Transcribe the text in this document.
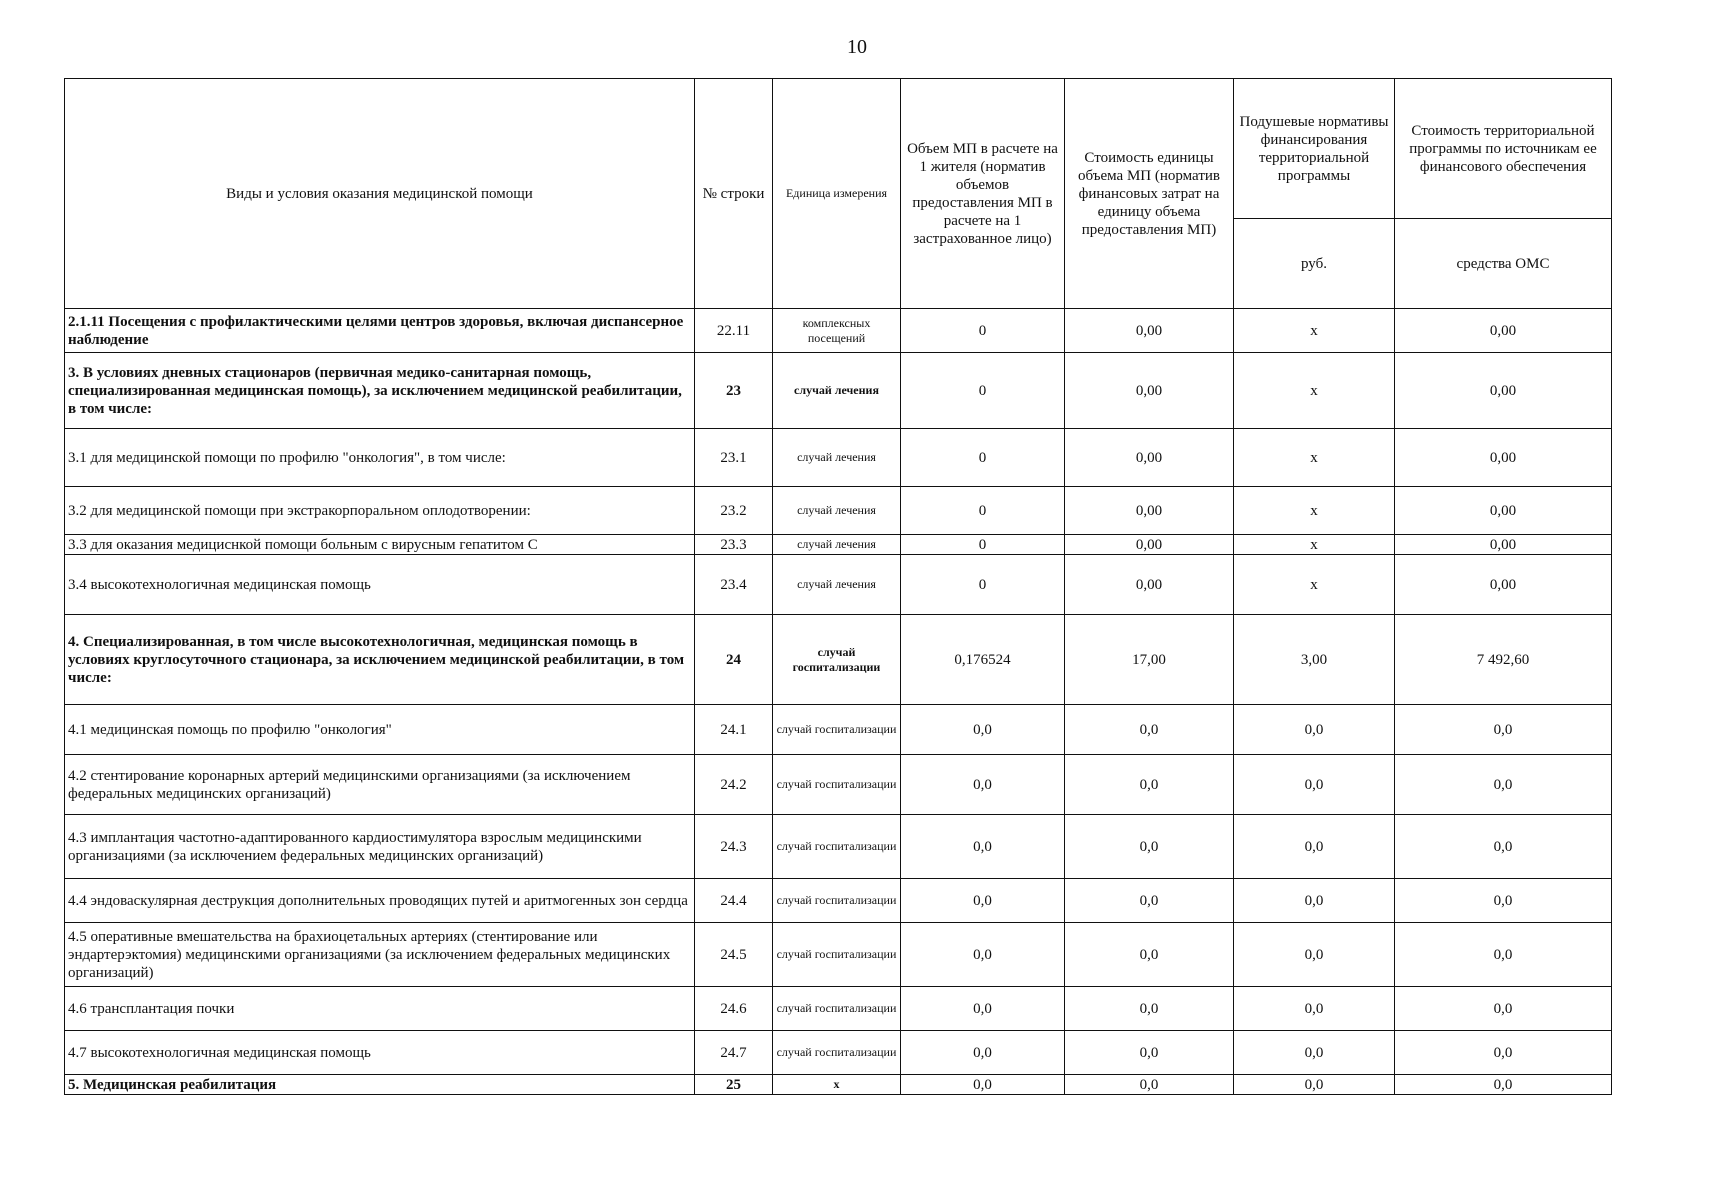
10
Виды и условия оказания медицинской помощи	№ строки	Единица измерения	Объем МП в расчете на 1 жителя (норматив объемов предоставления МП в расчете на 1 застрахованное лицо)	Стоимость единицы объема МП (норматив финансовых затрат на единицу объема предоставления МП)	Подушевые нормативы финансирования территориальной программы	Стоимость территориальной программы по источникам ее финансового обеспечения
					руб.	средства ОМС
2.1.11 Посещения с профилактическими целями центров здоровья, включая диспансерное наблюдение	22.11	комплексных посещений	0	0,00	x	0,00
3. В условиях дневных стационаров (первичная медико-санитарная помощь, специализированная медицинская помощь), за исключением медицинской реабилитации, в том числе:	23	случай лечения	0	0,00	x	0,00
3.1 для медицинской помощи по профилю "онкология", в том числе:	23.1	случай лечения	0	0,00	x	0,00
3.2 для медицинской помощи при экстракорпоральном оплодотворении:	23.2	случай лечения	0	0,00	x	0,00
3.3 для оказания медициснкой помощи больным с вирусным гепатитом С	23.3	случай лечения	0	0,00	x	0,00
3.4 высокотехнологичная медицинская помощь	23.4	случай лечения	0	0,00	x	0,00
4. Специализированная, в том числе высокотехнологичная, медицинская помощь в условиях круглосуточного стационара, за исключением медицинской реабилитации, в том числе:	24	случай госпитализации	0,176524	17,00	3,00	7 492,60
4.1 медицинская помощь по профилю "онкология"	24.1	случай госпитализации	0,0	0,0	0,0	0,0
4.2 стентирование коронарных артерий медицинскими организациями (за исключением федеральных медицинских организаций)	24.2	случай госпитализации	0,0	0,0	0,0	0,0
4.3 имплантация частотно-адаптированного кардиостимулятора взрослым медицинскими организациями (за исключением федеральных медицинских организаций)	24.3	случай госпитализации	0,0	0,0	0,0	0,0
4.4 эндоваскулярная деструкция дополнительных проводящих путей и аритмогенных зон сердца	24.4	случай госпитализации	0,0	0,0	0,0	0,0
4.5 оперативные вмешательства на брахиоцетальных артериях (стентирование или эндартерэктомия) медицинскими организациями (за исключением федеральных медицинских организаций)	24.5	случай госпитализации	0,0	0,0	0,0	0,0
4.6 трансплантация почки	24.6	случай госпитализации	0,0	0,0	0,0	0,0
4.7 высокотехнологичная медицинская помощь	24.7	случай госпитализации	0,0	0,0	0,0	0,0
5. Медицинская реабилитация	25	x	0,0	0,0	0,0	0,0
